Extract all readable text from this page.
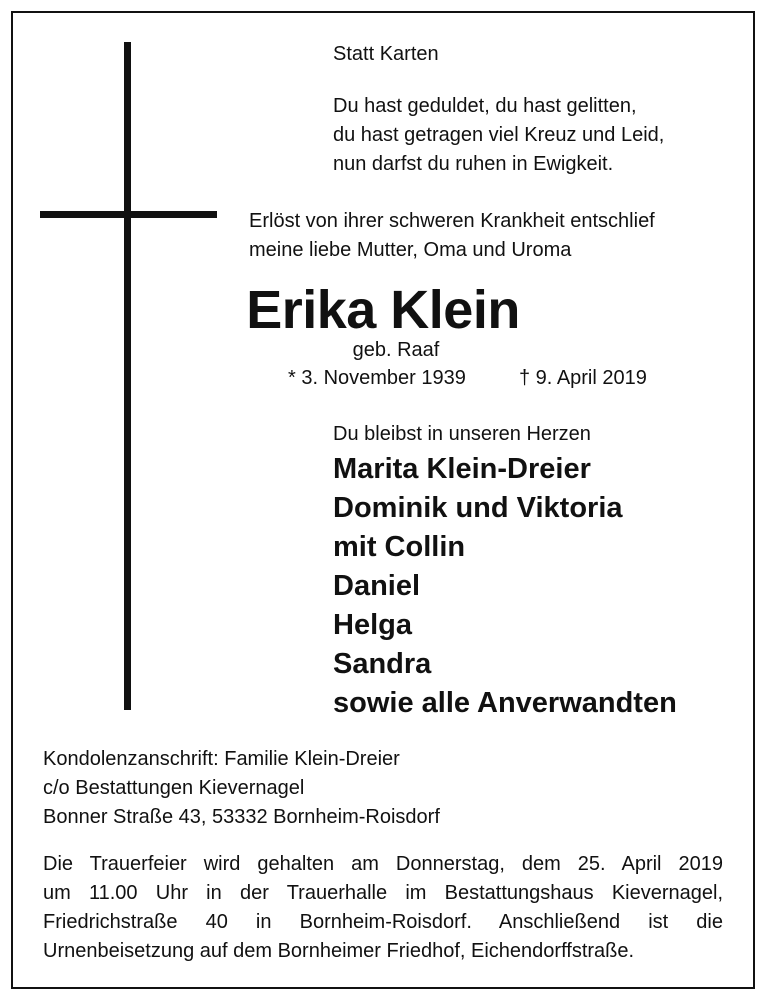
Statt Karten
Du hast geduldet, du hast gelitten,
du hast getragen viel Kreuz und Leid,
nun darfst du ruhen in Ewigkeit.
Erlöst von ihrer schweren Krankheit entschlief
meine liebe Mutter, Oma und Uroma
Erika Klein
geb. Raaf
* 3. November 1939	† 9. April 2019
Du bleibst in unseren Herzen
Marita Klein-Dreier
Dominik und Viktoria
mit Collin
Daniel
Helga
Sandra
sowie alle Anverwandten
Kondolenzanschrift: Familie Klein-Dreier
c/o Bestattungen Kievernagel
Bonner Straße 43, 53332 Bornheim-Roisdorf
Die Trauerfeier wird gehalten am Donnerstag, dem 25. April 2019
um 11.00 Uhr in der Trauerhalle im Bestattungshaus Kievernagel,
Friedrichstraße 40 in Bornheim-Roisdorf. Anschließend ist die
Urnenbeisetzung auf dem Bornheimer Friedhof, Eichendorffstraße.
